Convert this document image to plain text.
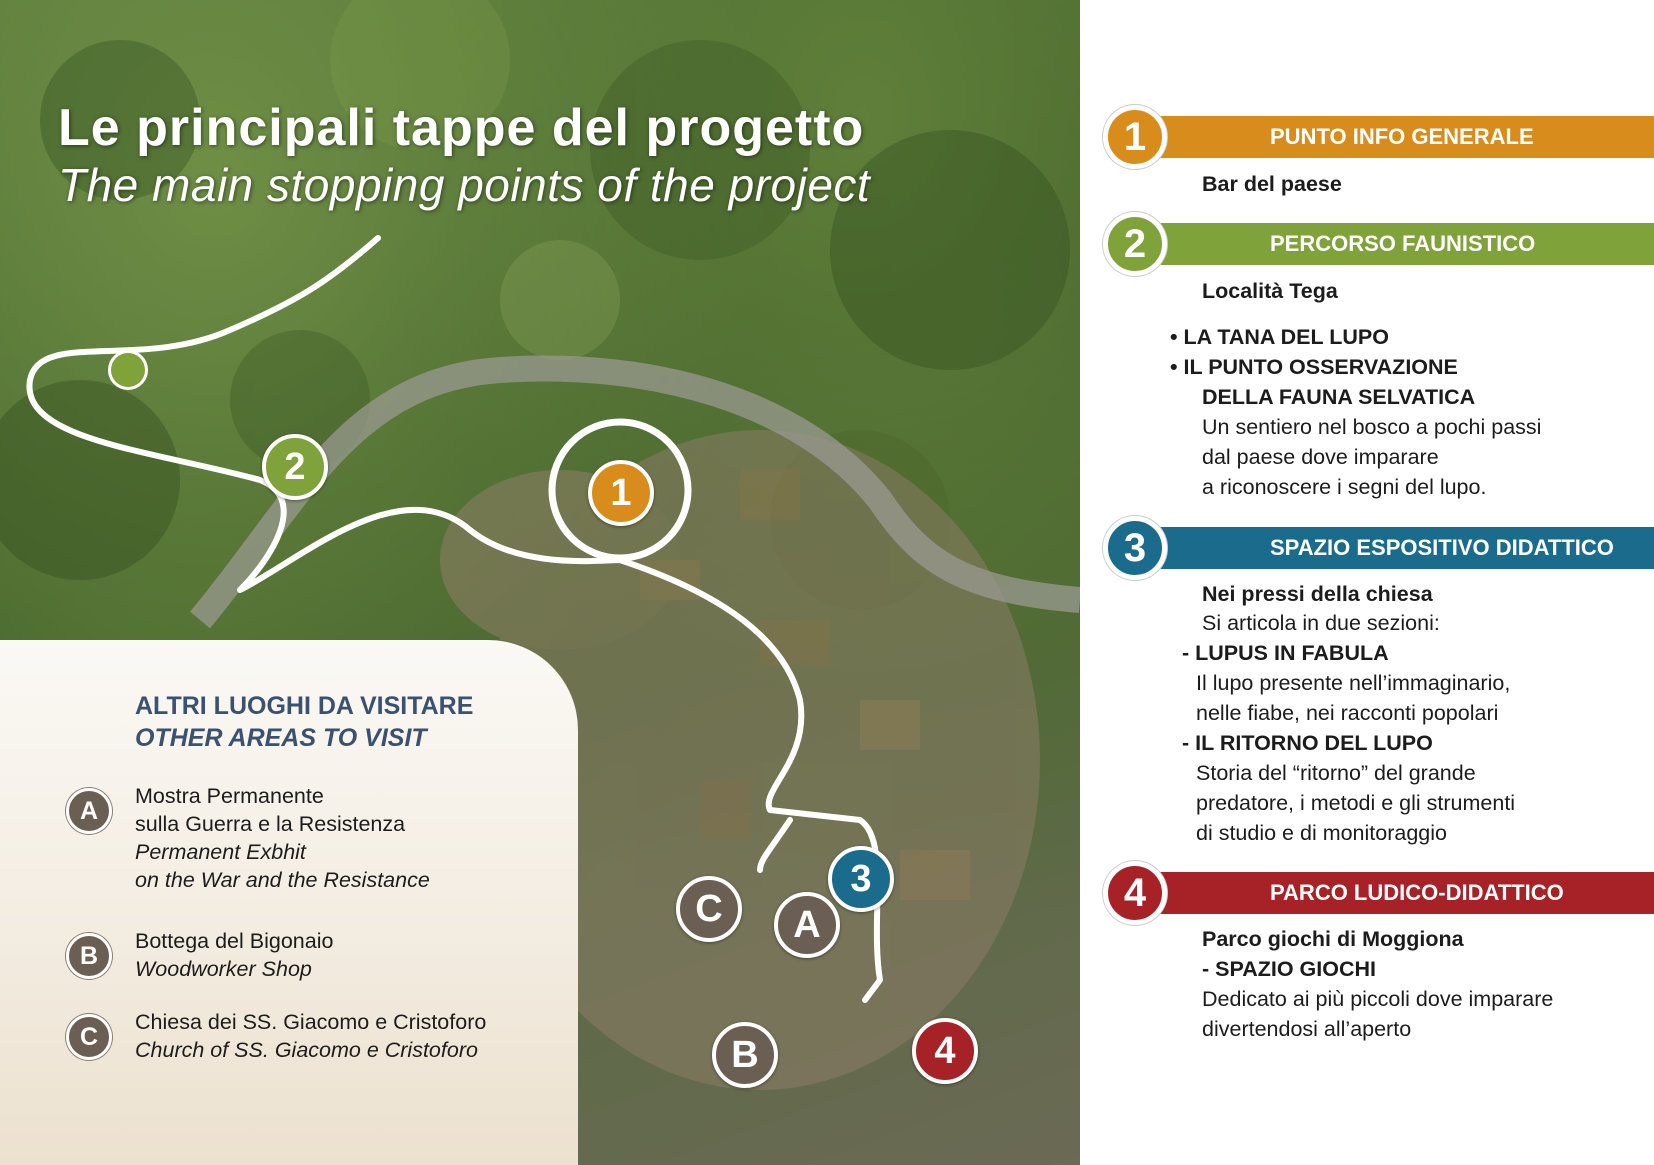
Le principali tappe del progetto
The main stopping points of the project
2
1
3
C	A
B	4
ALTRI LUOGHI DA VISITARE
OTHER AREAS TO VISIT
A
Mostra Permanente
sulla Guerra e la Resistenza
Permanent Exbhit
on the War and the Resistance
B
Bottega del Bigonaio
Woodworker Shop
C
Chiesa dei SS. Giacomo e Cristoforo
Church of SS. Giacomo e Cristoforo
PUNTO INFO GENERALE
1
Bar del paese
PERCORSO FAUNISTICO
2
Località Tega
• LA TANA DEL LUPO
• IL PUNTO OSSERVAZIONE
DELLA FAUNA SELVATICA
Un sentiero nel bosco a pochi passi
dal paese dove imparare
a riconoscere i segni del lupo.
SPAZIO ESPOSITIVO DIDATTICO
3
Nei pressi della chiesa
Si articola in due sezioni:
- LUPUS IN FABULA
Il lupo presente nell’immaginario,
nelle fiabe, nei racconti popolari
- IL RITORNO DEL LUPO
Storia del “ritorno” del grande
predatore, i metodi e gli strumenti
di studio e di monitoraggio
PARCO LUDICO-DIDATTICO
4
Parco giochi di Moggiona
- SPAZIO GIOCHI
Dedicato ai più piccoli dove imparare
divertendosi all’aperto
